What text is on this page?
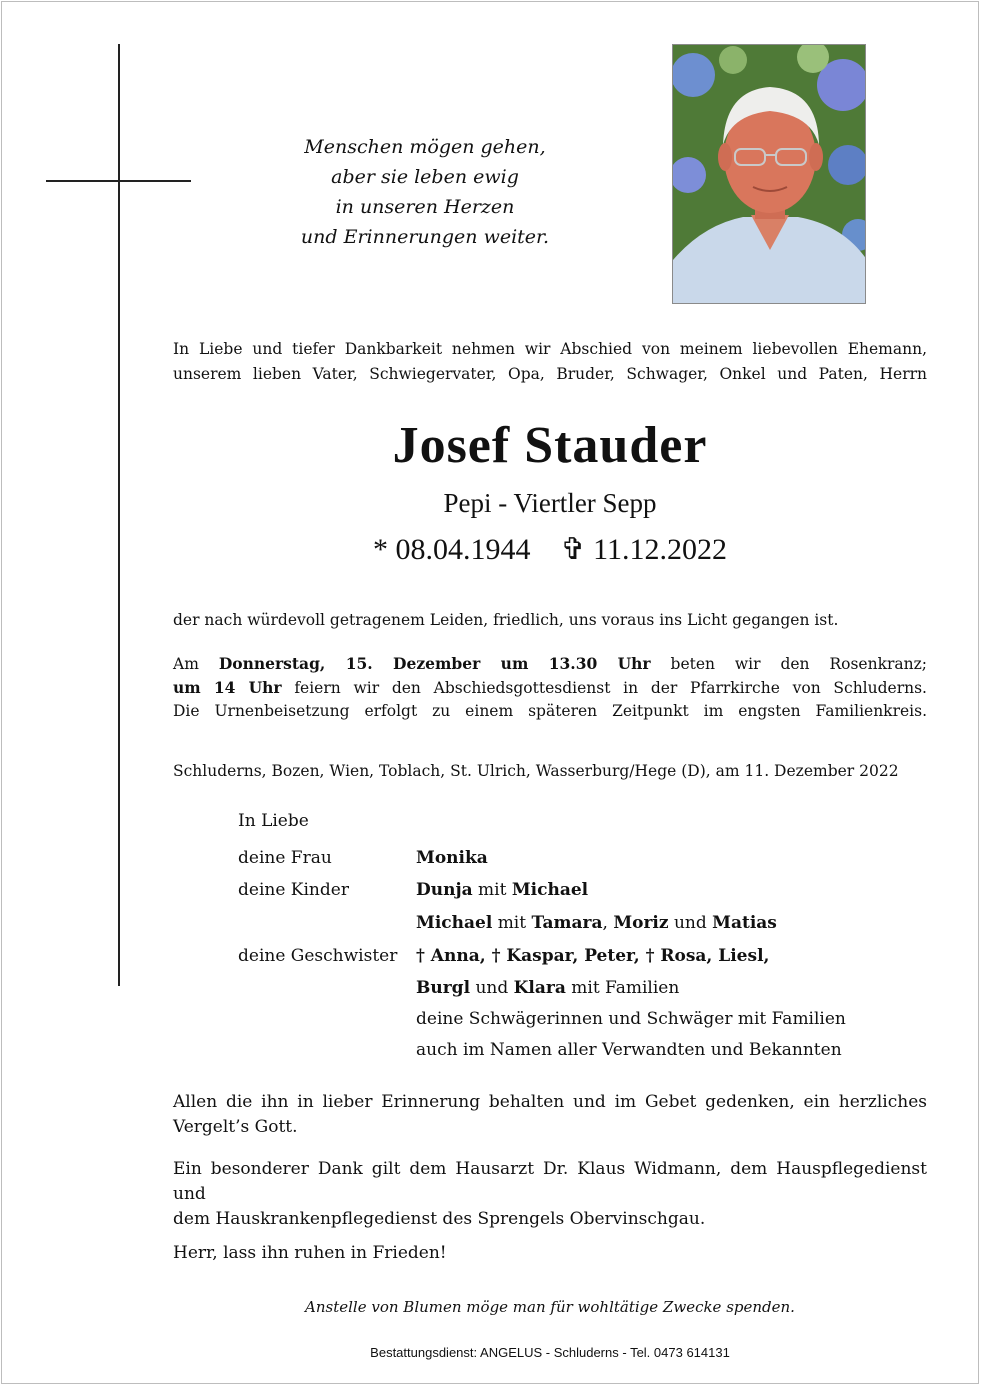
Menschen mögen gehen,
aber sie leben ewig
in unseren Herzen
und Erinnerungen weiter.
In Liebe und tiefer Dankbarkeit nehmen wir Abschied von meinem liebevollen Ehemann,
unserem lieben Vater, Schwiegervater, Opa, Bruder, Schwager, Onkel und Paten, Herrn
Josef Stauder
Pepi - Viertler Sepp
* 08.04.1944 ✞ 11.12.2022
der nach würdevoll getragenem Leiden, friedlich, uns voraus ins Licht gegangen ist.
Am Donnerstag, 15. Dezember um 13.30 Uhr beten wir den Rosenkranz;
um 14 Uhr feiern wir den Abschiedsgottesdienst in der Pfarrkirche von Schluderns.
Die Urnenbeisetzung erfolgt zu einem späteren Zeitpunkt im engsten Familienkreis.
Schluderns, Bozen, Wien, Toblach, St. Ulrich, Wasserburg/Hege (D), am 11. Dezember 2022
In Liebe
deine Frau	Monika
deine Kinder	Dunja mit Michael
Michael mit Tamara, Moriz und Matias
deine Geschwister † Anna, † Kaspar, Peter, † Rosa, Liesl,
Burgl und Klara mit Familien
deine Schwägerinnen und Schwäger mit Familien
auch im Namen aller Verwandten und Bekannten
Allen die ihn in lieber Erinnerung behalten und im Gebet gedenken, ein herzliches
Vergelt’s Gott.
Ein besonderer Dank gilt dem Hausarzt Dr. Klaus Widmann, dem Hauspflegedienst und
dem Hauskrankenpflegedienst des Sprengels Obervinschgau.
Herr, lass ihn ruhen in Frieden!
Anstelle von Blumen möge man für wohltätige Zwecke spenden.
Bestattungsdienst: ANGELUS - Schluderns - Tel. 0473 614131
